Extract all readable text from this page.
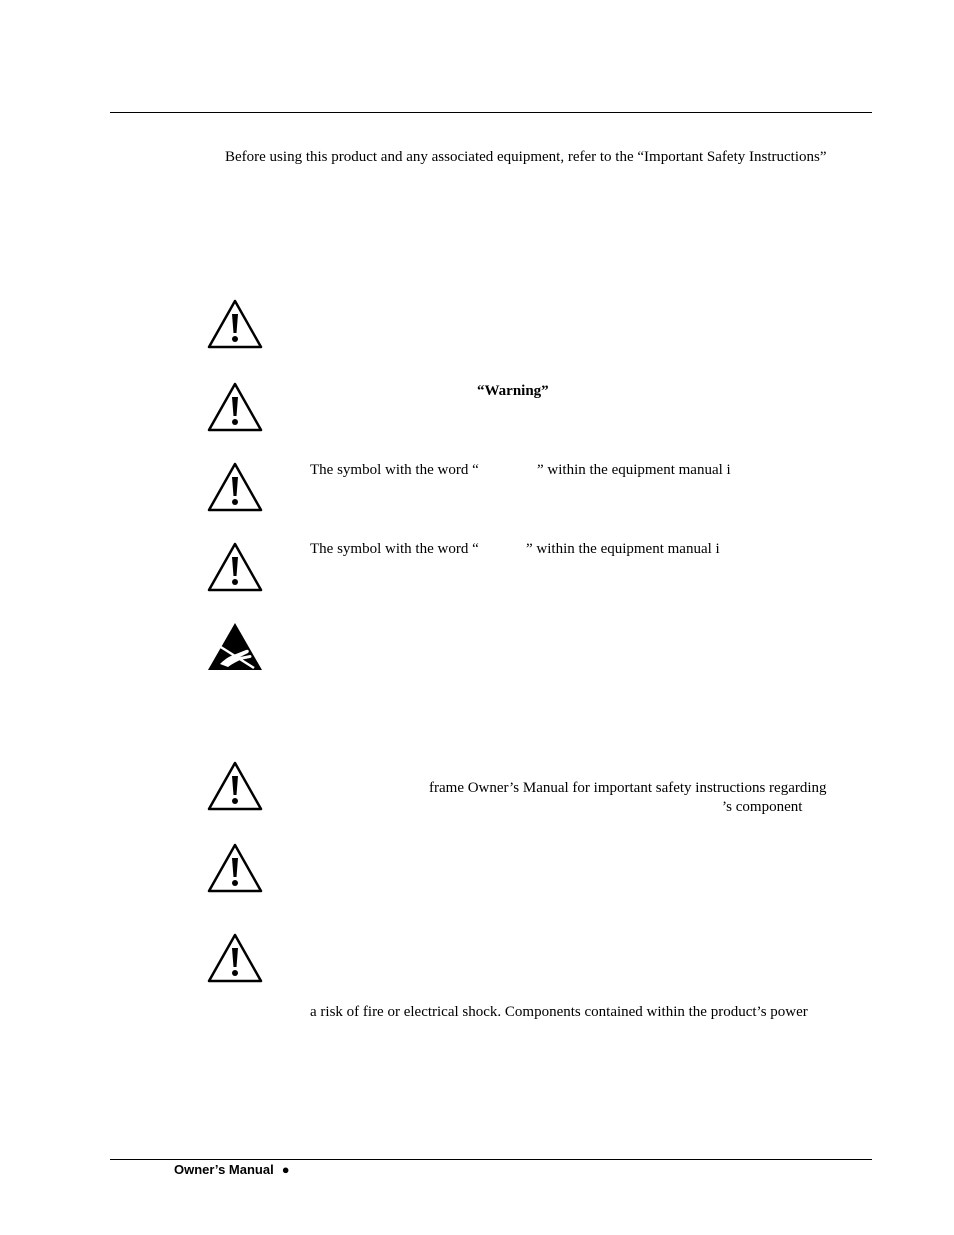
Before using this product and any associated equipment, refer to the “Important Safety Instructions”
“Warning”
The symbol with the word “	” within the equipment manual i
The symbol with the word “	” within the equipment manual i
frame Owner’s Manual for important safety instructions regarding
’s component
a risk of fire or electrical shock. Components contained within the product’s power
Owner’s Manual ●
